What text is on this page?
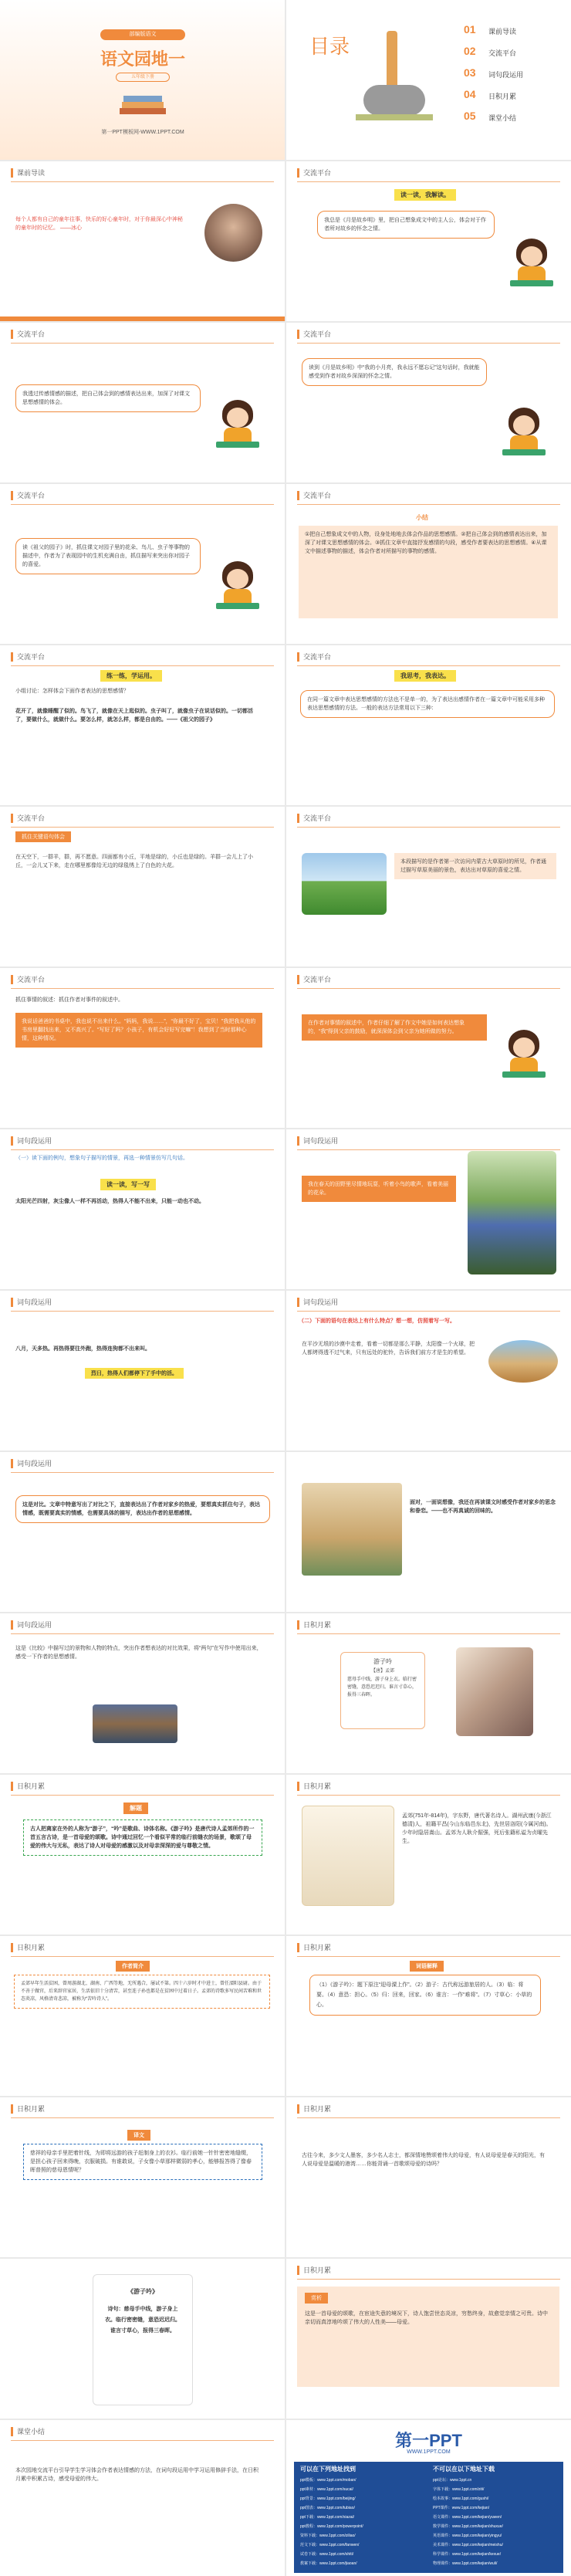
部编版语文
语文园地一
五年级下册
第一PPT模板网-WWW.1PPT.COM
目录
01 课前导读
02 交流平台
03 词句段运用
04 日积月累
05 课堂小结
课前导读
每个人都有自己的童年往事，快乐的好心童年时，对于你最深心中神秘的童年时的记忆。 ——冰心
交流平台
读一读，我解读。
我总是《月是故乡明》里，把自己想象成文中的主人公，体会对于作者所对故乡的怀念之情。
交流平台
我透过传感情感的描述，把自己体会到的感情表达出来，加深了对课文思想感情的体会。
交流平台
读到《月是故乡明》中“我的小月亮，我永远不愿忘记”这句话时，我就能感受到作者对故乡深深的怀念之情。
交流平台
读《祖父的园子》时，抓住课文对园子里的花朵、鸟儿、虫子等事物的描述中，作者为了表现园中的生机充满自由，抓住描写来突出你对园子的喜爱。
交流平台
小结
①把自己想象成文中的人物，设身处地地去体会作品的思想感情。②把自己体会到的感情表达出来，加深了对课文思想感情的体会。③抓住文章中直接抒发感情的句段，感受作者要表达的思想感情。④从课文中描述事物的描述，体会作者对所描写的事物的感情。
交流平台
练一练，学运用。
小组讨论：怎样体会下面作者表达的思想感情？
花开了，就像睡醒了似的。鸟飞了，就像在天上逛似的。虫子叫了，就像虫子在说话似的。一切都活了，要做什么，就做什么。要怎么样，就怎么样，都是自由的。——《祖父的园子》
交流平台
我思考，我表达。
在同一篇文章中表达思想感情的方法也不是单一的，为了表达出感情作者在一篇文章中可能采用多种表达思想感情的方法。一般的表达方法常用以下三种：
交流平台
抓住关键语句体会
在天空下，一群羊，群，再不愿意。四面都有小丘，平地是绿的，小丘也是绿的。羊群一会儿上了小丘，一会儿又下来，走在哪里都像给无边的绿毯绣上了白色的大花。
交流平台
本段描写的是作者第一次访问内蒙古大草原时的所见，作者通过描写草原美丽的景色，表达出对草原的喜爱之情。
交流平台
抓住事情的叙述：抓住作者对事件的叙述中。
我说话爸爸的书桌中，我也说不出来什么。“妈妈，我说……”，“你最不好了，宝贝！”我把我从他的书房里翻找出来，又不高兴了。“写好了吗？小孩子，有机会好好写完嘛”！我想到了当时那种心情，这种情况。
交流平台
在作者对事情的叙述中，作者仔细了解了作文中她是如何表达想象的，“我”得到父亲的鼓励，就深深体会到父亲为她所做的努力。
词句段运用
（一）读下面的例句，想象句子描写的情景，再选一种情景仿写几句话。
读一读，写一写
太阳光芒四射，灰尘像人一样不再活动，热得人不能不出来，只能一动也不动。
词句段运用
我在春天的田野里尽情地玩耍，听着小鸟的歌声，看着美丽的花朵。
词句段运用
八月，天多热。再热得要往外跑，热得连狗都不出来叫。
烈日，热得人们都停下了手中的活。
词句段运用
（二）下面的语句在表达上有什么特点？想一想，仿照着写一写。
在平沙无垠的沙漠中走着，看着一切都是那么平静，太阳像一个火球，把人都烤得透不过气来，只有远处的驼铃，告诉我们前方才是生的希望。
词句段运用
这是对比。文章中特意写出了对比之下，直接表达出了作者对家乡的热爱，要想真实抓住句子，表达情感，既需要真实的情感，也需要具体的描写，表达出作者的思想感情。
面对，一面说想像，我还在再读课文时感受作者对家乡的思念和眷恋。——也不再真诚的回味的。
词句段运用
这是《比较》中描写过的景物和人物的特点，突出作者想表达的对比效果，将“两句”在写作中使用出来，感受一下作者的思想感情。
日积月累
游子吟
【唐】孟郊
慈母手中线，游子身上衣。临行密密缝，意恐迟迟归。谁言寸草心，报得三春晖。
日积月累
解题
古人把离家在外的人称为“游子”，“吟”是歌曲、诗体名称。《游子吟》是唐代诗人孟郊所作的一首五言古诗，是一首母爱的颂歌。诗中通过回忆一个看似平常的临行前缝衣的场景，歌颂了母爱的伟大与无私，表达了诗人对母爱的感激以及对母亲深深的爱与尊敬之情。
日积月累
孟郊(751年-814年)，字东野，唐代著名诗人。湖州武康(今浙江德清)人，祖籍平昌(今山东临邑东北)，先世居洛阳(今属河南)。少年时隐居嵩山。孟郊为人耿介倔强，死后张籍私谥为贞曜先生。
日积月累
作者简介
孟郊早年生活贫困，曾周游湖北、湖南、广西等地，无所遇合，屡试不第。四十六岁时才中进士，曾任溧阳县尉。由于不善于做官，后来辞官家居，生活依旧十分清苦，甚至连子孙也都是在贫困中过着日子。孟郊的诗歌多写民间苦难和世态炎凉，风格清奇悲凉，被称为“苦吟诗人”。
日积月累
词语解释
（1）《游子吟》：题下原注“迎母溧上作”。（2）游子：古代称远游旅居的人。（3）临：将要。（4）意恐：担心。（5）归：回来，回家。（6）谁言：一作“难将”。（7）寸草心：小草的心。
日积月累
译文
慈祥的母亲手里把着针线，为即将远游的孩子赶制身上的衣衫。临行前她一针针密密地缝缀，是担心孩子回来得晚，衣服破损。有谁敢说，子女像小草那样微弱的孝心，能够报答得了像春晖普照的慈母恩情呢？
日积月累
古往今来，多少文人墨客，多少名人志士，都深情地赞颂着伟大的母爱，有人说母爱是春天的阳光，有人说母爱是温暖的港湾……你能背诵一首歌颂母爱的诗吗？
《游子吟》
诗句：慈母手中线，游子身上衣。临行密密缝，意恐迟迟归。谁言寸草心，报得三春晖。
日积月累
赏析
这是一首母爱的颂歌，在宦途失意的境况下，诗人饱尝世态炎凉，穷愁终身，故愈觉亲情之可贵。诗中亲切而真淳地吟颂了伟大的人性美——母爱。
课堂小结
本次园地交流平台引导学生学习体会作者表达情感的方法，在词句段运用中学习运用修辞手法，在日积月累中积累古诗，感受母爱的伟大。
第一PPT
WWW.1PPT.COM
可以在下列地址找到	不可以在以下地址下载
ppt模板：www.1ppt.com/moban/
ppt素材：www.1ppt.com/sucai/
ppt背景：www.1ppt.com/beijing/
ppt图表：www.1ppt.com/tubiao/
ppt下载：www.1ppt.com/xiazai/
ppt教程：www.1ppt.com/powerpoint/
资料下载：www.1ppt.com/ziliao/
范文下载：www.1ppt.com/fanwen/
试卷下载：www.1ppt.com/shiti/
教案下载：www.1ppt.com/jiaoan/
ppt论坛：www.1ppt.cn
字体下载：www.1ppt.com/ziti/
绘本故事：www.1ppt.com/gushi/
PPT课件：www.1ppt.com/kejian/
语文课件：www.1ppt.com/kejian/yuwen/
数学课件：www.1ppt.com/kejian/shuxue/
英语课件：www.1ppt.com/kejian/yingyu/
美术课件：www.1ppt.com/kejian/meishu/
科学课件：www.1ppt.com/kejian/kexue/
物理课件：www.1ppt.com/kejian/wuli/
